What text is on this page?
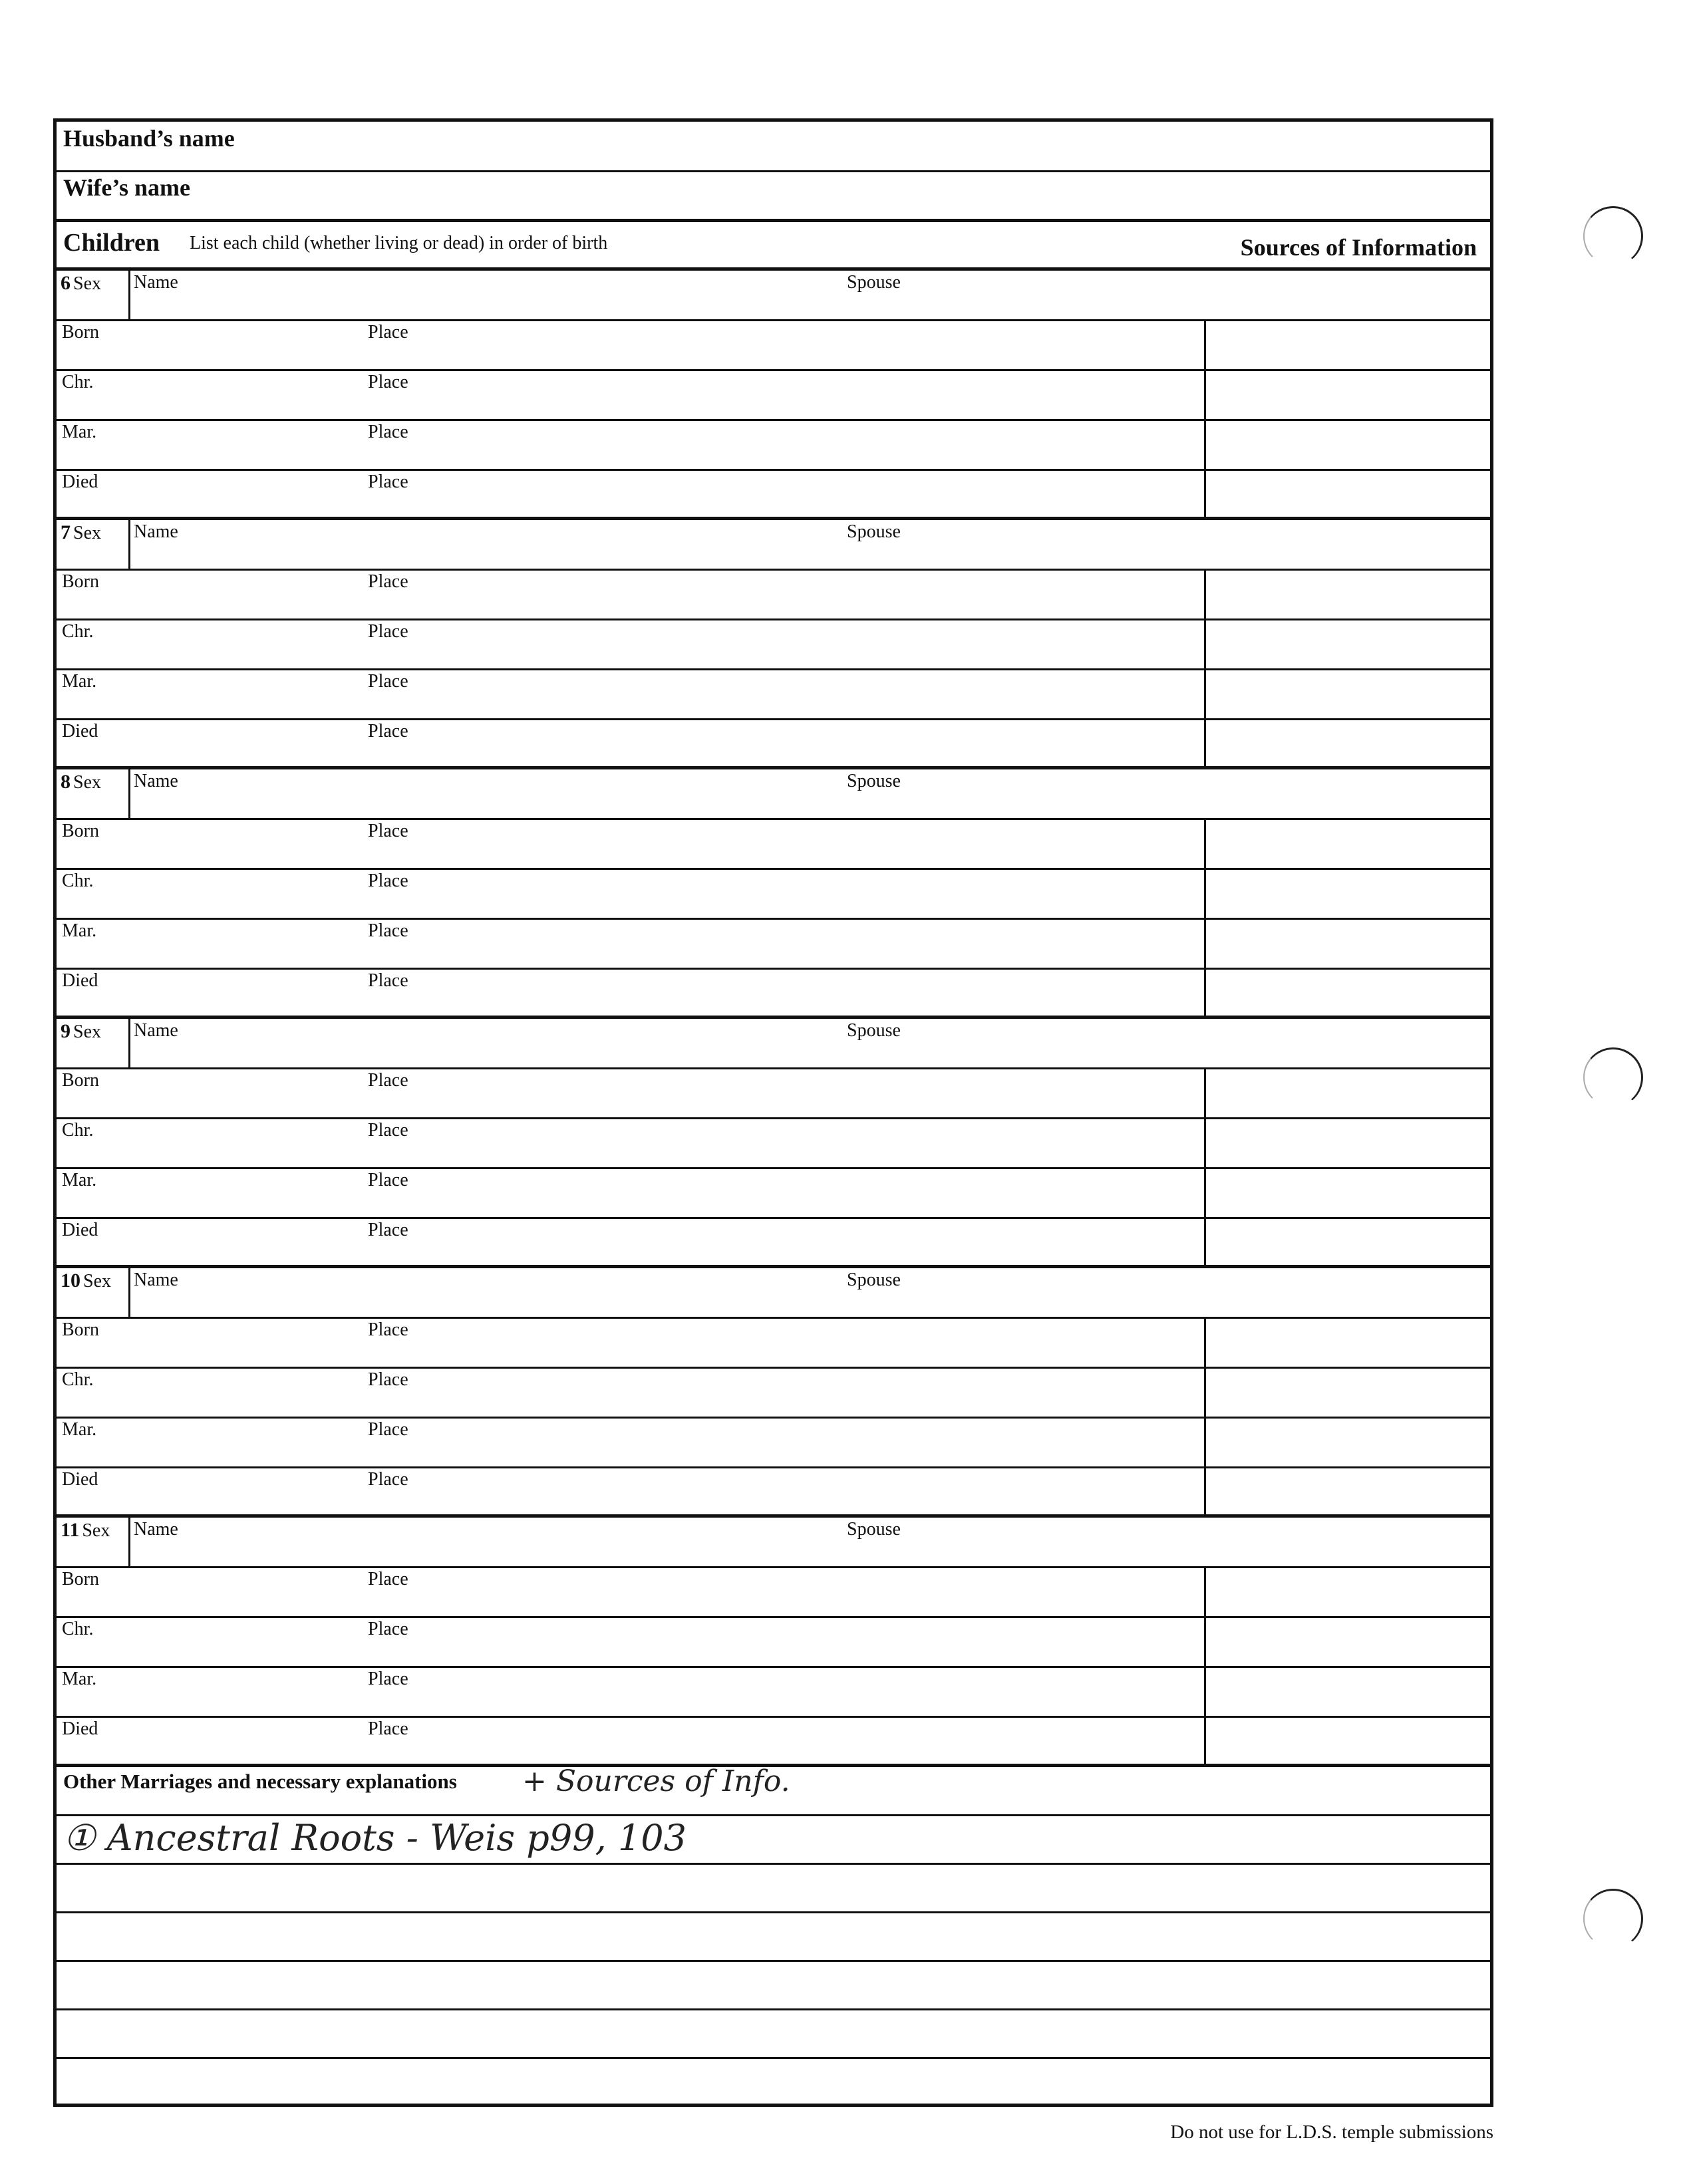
Husband’s name
Wife’s name
Children List each child (whether living or dead) in order of birth	Sources of Information
6 Sex Name	Spouse
Born	Place
Chr.	Place
Mar.	Place
Died	Place
7 Sex Name	Spouse
Born	Place
Chr.	Place
Mar.	Place
Died	Place
8 Sex Name	Spouse
Born	Place
Chr.	Place
Mar.	Place
Died	Place
9 Sex Name	Spouse
Born	Place
Chr.	Place
Mar.	Place
Died	Place
10 Sex Name	Spouse
Born	Place
Chr.	Place
Mar.	Place
Died	Place
11 Sex Name	Spouse
Born	Place
Chr.	Place
Mar.	Place
Died	Place
Other Marriages and necessary explanations + Sources of Info.
① Ancestral Roots - Weis p99, 103
Do not use for L.D.S. temple submissions
